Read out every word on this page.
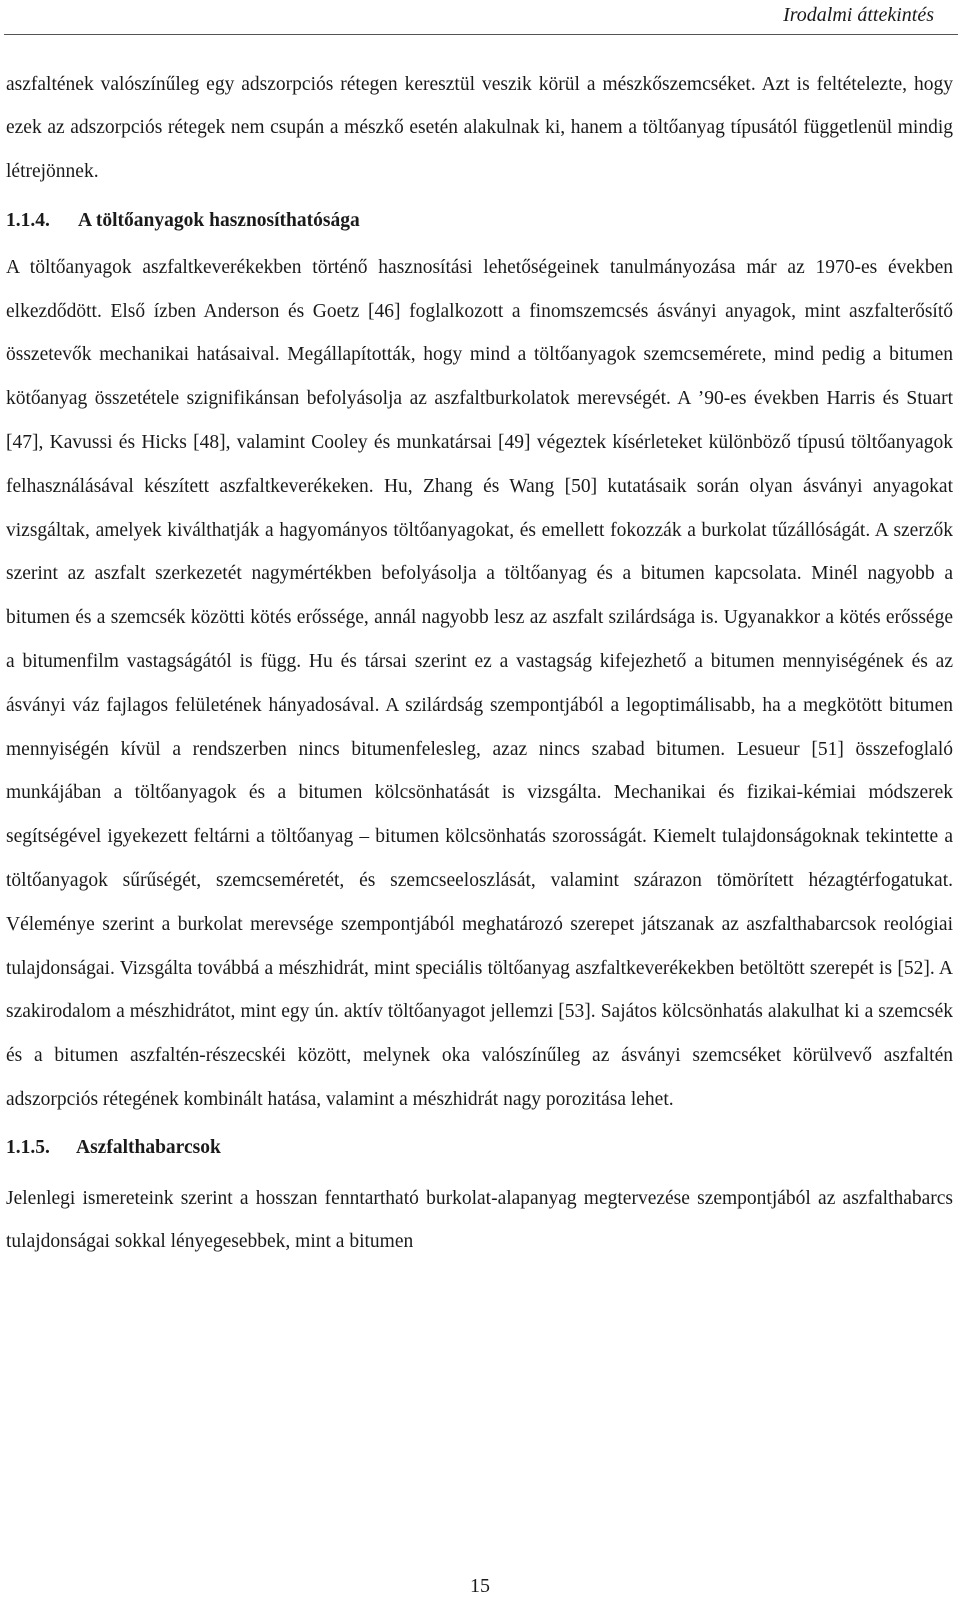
Irodalmi áttekintés

aszfaltének valószínűleg egy adszorpciós rétegen keresztül veszik körül a mészkőszemcséket. Azt is feltételezte, hogy ezek az adszorpciós rétegek nem csupán a mészkő esetén alakulnak ki, hanem a töltőanyag típusától függetlenül mindig létrejönnek.

1.1.4. A töltőanyagok hasznosíthatósága

A töltőanyagok aszfaltkeverékekben történő hasznosítási lehetőségeinek tanulmányozása már az 1970-es években elkezdődött. Első ízben Anderson és Goetz [46] foglalkozott a finomszemcsés ásványi anyagok, mint aszfalterősítő összetevők mechanikai hatásaival. Megállapították, hogy mind a töltőanyagok szemcsemérete, mind pedig a bitumen kötőanyag összetétele szignifikánsan befolyásolja az aszfaltburkolatok merevségét. A ’90-es években Harris és Stuart [47], Kavussi és Hicks [48], valamint Cooley és munkatársai [49] végeztek kísérleteket különböző típusú töltőanyagok felhasználásával készített aszfaltkeverékeken. Hu, Zhang és Wang [50] kutatásaik során olyan ásványi anyagokat vizsgáltak, amelyek kiválthatják a hagyományos töltőanyagokat, és emellett fokozzák a burkolat tűzállóságát. A szerzők szerint az aszfalt szerkezetét nagymértékben befolyásolja a töltőanyag és a bitumen kapcsolata. Minél nagyobb a bitumen és a szemcsék közötti kötés erőssége, annál nagyobb lesz az aszfalt szilárdsága is. Ugyanakkor a kötés erőssége a bitumenfilm vastagságától is függ. Hu és társai szerint ez a vastagság kifejezhető a bitumen mennyiségének és az ásványi váz fajlagos felületének hányadosával. A szilárdság szempontjából a legoptimálisabb, ha a megkötött bitumen mennyiségén kívül a rendszerben nincs bitumenfelesleg, azaz nincs szabad bitumen. Lesueur [51] összefoglaló munkájában a töltőanyagok és a bitumen kölcsönhatását is vizsgálta. Mechanikai és fizikai-kémiai módszerek segítségével igyekezett feltárni a töltőanyag – bitumen kölcsönhatás szorosságát. Kiemelt tulajdonságoknak tekintette a töltőanyagok sűrűségét, szemcseméretét, és szemcseeloszlását, valamint szárazon tömörített hézagtérfogatukat. Véleménye szerint a burkolat merevsége szempontjából meghatározó szerepet játszanak az aszfalthabarcsok reológiai tulajdonságai. Vizsgálta továbbá a mészhidrát, mint speciális töltőanyag aszfaltkeverékekben betöltött szerepét is [52]. A szakirodalom a mészhidrátot, mint egy ún. aktív töltőanyagot jellemzi [53]. Sajátos kölcsönhatás alakulhat ki a szemcsék és a bitumen aszfaltén-részecskéi között, melynek oka valószínűleg az ásványi szemcséket körülvevő aszfaltén adszorpciós rétegének kombinált hatása, valamint a mészhidrát nagy porozitása lehet.

1.1.5. Aszfalthabarcsok

Jelenlegi ismereteink szerint a hosszan fenntartható burkolat-alapanyag megtervezése szempontjából az aszfalthabarcs tulajdonságai sokkal lényegesebbek, mint a bitumen

15
